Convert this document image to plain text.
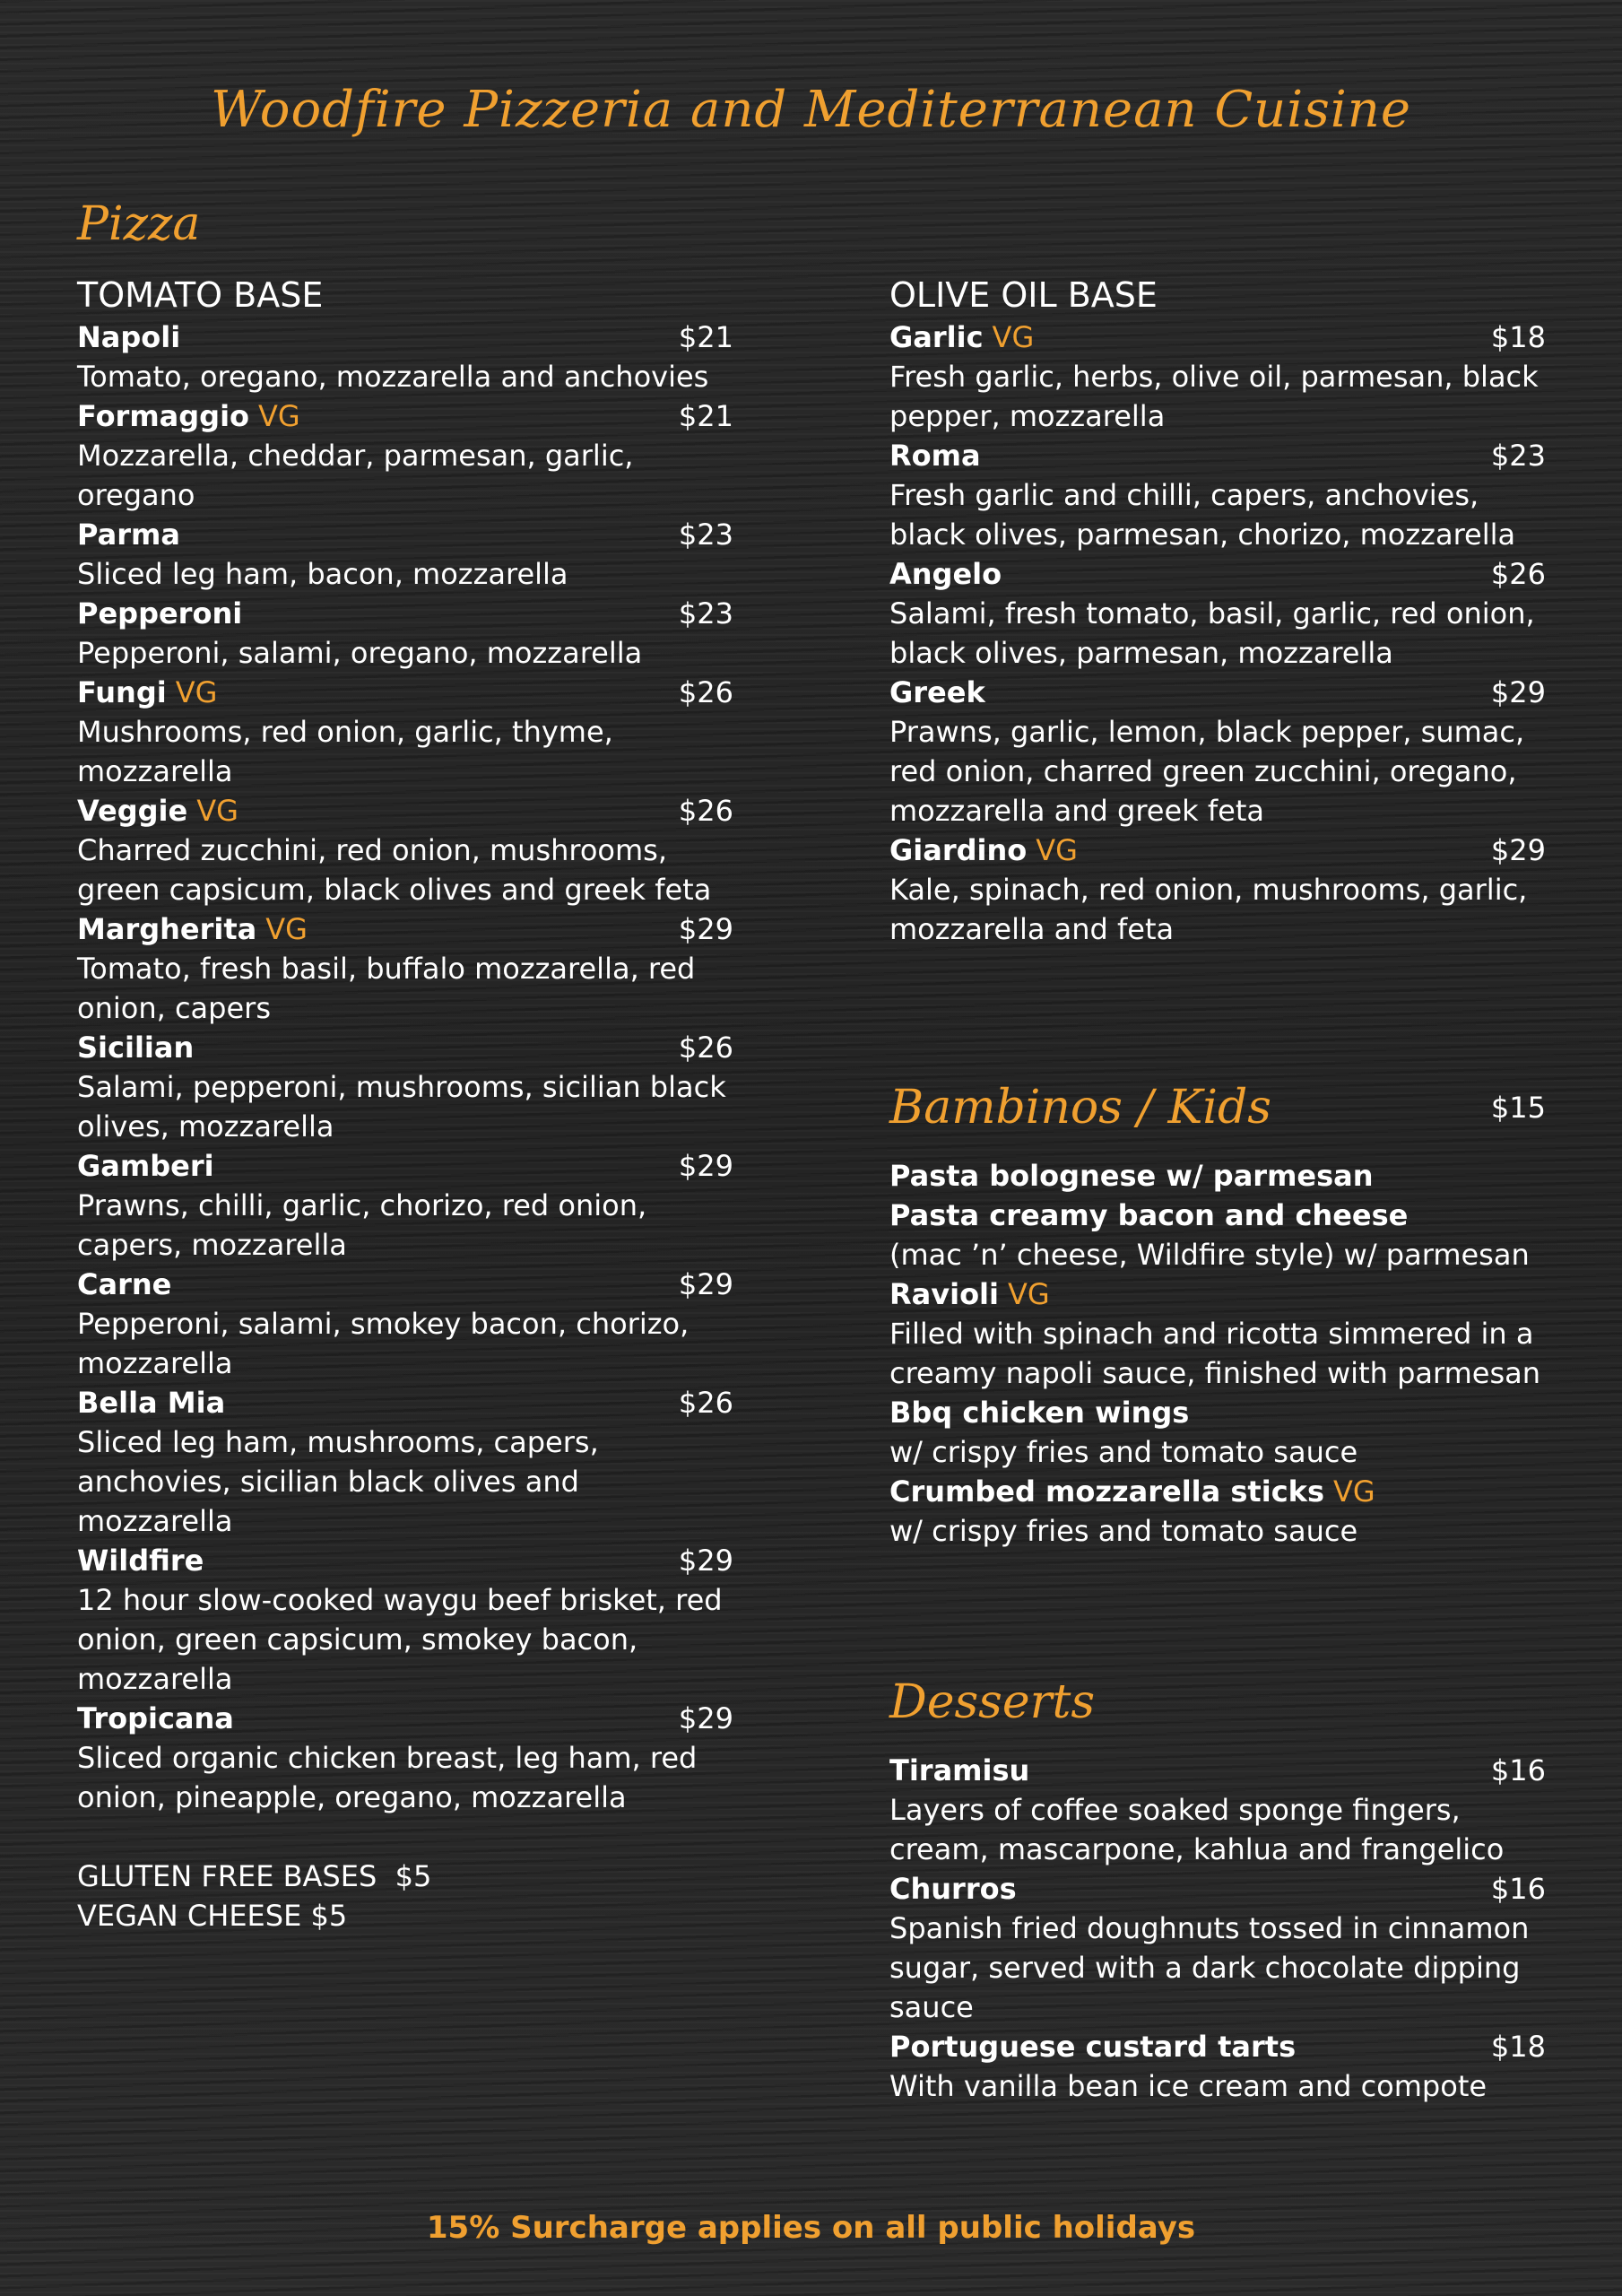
Woodfire Pizzeria and Mediterranean Cuisine
Pizza
TOMATO BASE
Napoli	$21
Tomato, oregano, mozzarella and anchovies
Formaggio VG	$21
Mozzarella, cheddar, parmesan, garlic, oregano
Parma	$23
Sliced leg ham, bacon, mozzarella
Pepperoni	$23
Pepperoni, salami, oregano, mozzarella
Fungi VG	$26
Mushrooms, red onion, garlic, thyme, mozzarella
Veggie VG	$26
Charred zucchini, red onion, mushrooms, green capsicum, black olives and greek feta
Margherita VG	$29
Tomato, fresh basil, buffalo mozzarella, red onion, capers
Sicilian	$26
Salami, pepperoni, mushrooms, sicilian black olives, mozzarella
Gamberi	$29
Prawns, chilli, garlic, chorizo, red onion, capers, mozzarella
Carne	$29
Pepperoni, salami, smokey bacon, chorizo, mozzarella
Bella Mia	$26
Sliced leg ham, mushrooms, capers, anchovies, sicilian black olives and mozzarella
Wildfire	$29
12 hour slow-cooked waygu beef brisket, red onion, green capsicum, smokey bacon, mozzarella
Tropicana	$29
Sliced organic chicken breast, leg ham, red onion, pineapple, oregano, mozzarella
GLUTEN FREE BASES  $5
VEGAN CHEESE $5
OLIVE OIL BASE
Garlic VG	$18
Fresh garlic, herbs, olive oil, parmesan, black pepper, mozzarella
Roma	$23
Fresh garlic and chilli, capers, anchovies, black olives, parmesan, chorizo, mozzarella
Angelo	$26
Salami, fresh tomato, basil, garlic, red onion, black olives, parmesan, mozzarella
Greek	$29
Prawns, garlic, lemon, black pepper, sumac, red onion, charred green zucchini, oregano, mozzarella and greek feta
Giardino VG	$29
Kale, spinach, red onion, mushrooms, garlic, mozzarella and feta
Bambinos / Kids	$15
Pasta bolognese w/ parmesan
Pasta creamy bacon and cheese
(mac ’n’ cheese, Wildfire style) w/ parmesan
Ravioli VG
Filled with spinach and ricotta simmered in a creamy napoli sauce, finished with parmesan
Bbq chicken wings
w/ crispy fries and tomato sauce
Crumbed mozzarella sticks VG
w/ crispy fries and tomato sauce
Desserts
Tiramisu	$16
Layers of coffee soaked sponge fingers, cream, mascarpone, kahlua and frangelico
Churros	$16
Spanish fried doughnuts tossed in cinnamon sugar, served with a dark chocolate dipping sauce
Portuguese custard tarts	$18
With vanilla bean ice cream and compote
15% Surcharge applies on all public holidays
